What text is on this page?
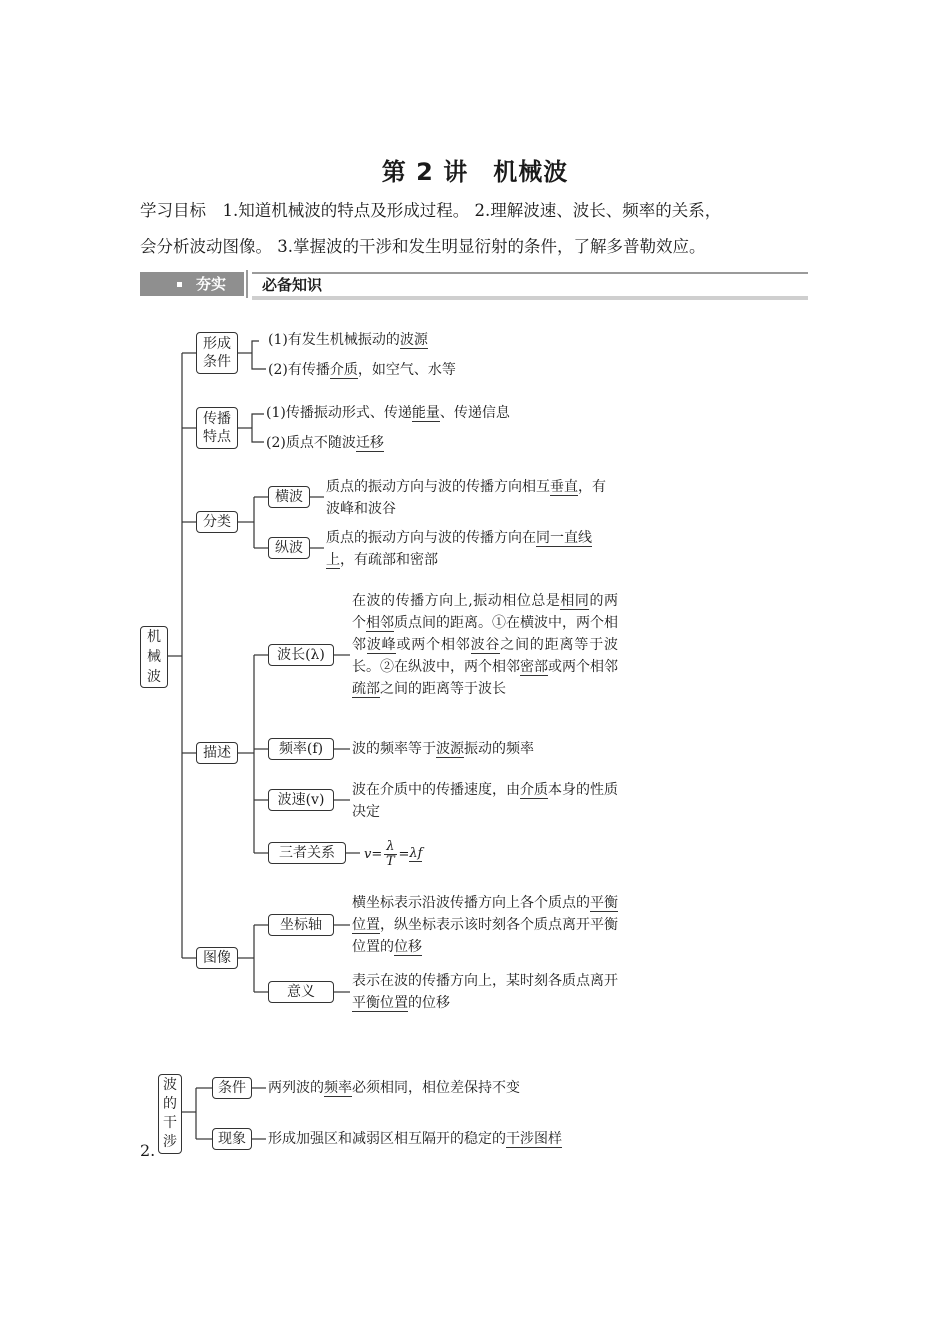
第 2 讲　机械波
学习目标　1.知道机械波的特点及形成过程。 2.理解波速、波长、频率的关系，
会分析波动图像。 3.掌握波的干涉和发生明显衍射的条件，了解多普勒效应。
夯实 必备知识
机械波
形成条件
(1)有发生机械振动的波源
(2)有传播介质，如空气、水等
传播特点
(1)传播振动形式、传递能量、传递信息
(2)质点不随波迁移
分类
横波
质点的振动方向与波的传播方向相互垂直，有波峰和波谷
纵波
质点的振动方向与波的传播方向在同一直线上，有疏部和密部
描述
波长(λ)
在波的传播方向上,振动相位总是相同的两个相邻质点间的距离。①在横波中，两个相邻波峰或两个相邻波谷之间的距离等于波长。②在纵波中，两个相邻密部或两个相邻疏部之间的距离等于波长
频率(f)	波的频率等于波源振动的频率
波速(v)
波在介质中的传播速度，由介质本身的性质决定
三者关系	$v= \frac{\lambda}{T} = \lambda f$
图像
坐标轴
横坐标表示沿波传播方向上各个质点的平衡位置，纵坐标表示该时刻各个质点离开平衡位置的位移
意义
表示在波的传播方向上，某时刻各质点离开平衡位置的位移
2.
波的干涉
条件	两列波的频率必须相同，相位差保持不变
现象	形成加强区和减弱区相互隔开的稳定的干涉图样
